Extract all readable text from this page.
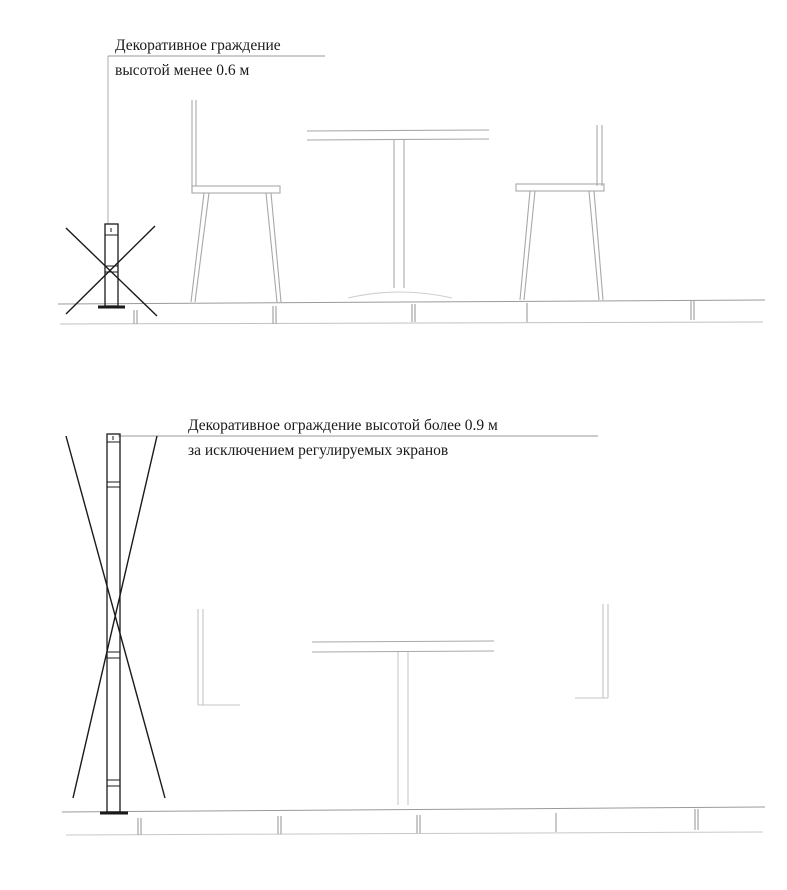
Декоративное граждение
высотой менее 0.6 м
Декоративное ограждение высотой более 0.9 м
за исключением регулируемых экранов
